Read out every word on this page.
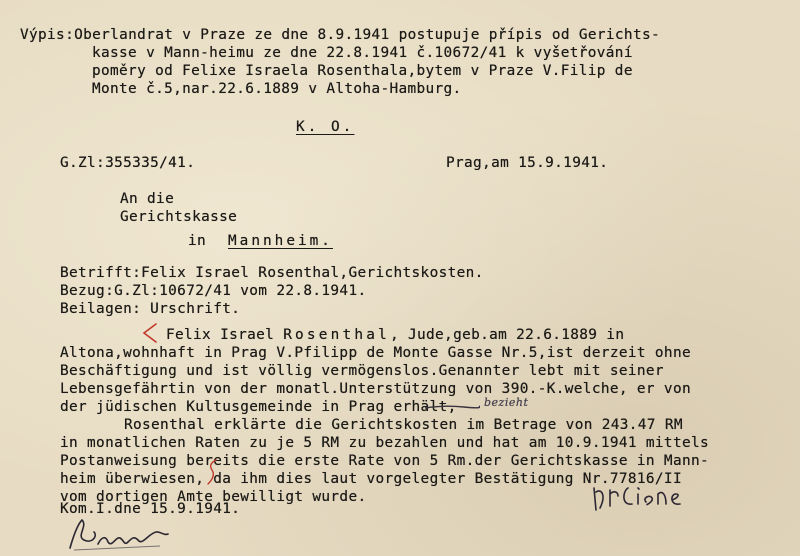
Výpis:Oberlandrat v Praze ze dne 8.9.1941 postupuje přípis od Gerichts-
kasse v Mann-heimu ze dne 22.8.1941 č.10672/41 k vyšetřování
poměry od Felixe Israela Rosenthala,bytem v Praze V.Filip de
Monte č.5,nar.22.6.1889 v Altoha-Hamburg.
K. O.
G.Zl:355335/41.	Prag,am 15.9.1941.
An die
Gerichtskasse
in Mannheim.
Betrifft:Felix Israel Rosenthal,Gerichtskosten.
Bezug:G.Zl:10672/41 vom 22.8.1941.
Beilagen: Urschrift.
Felix Israel Rosenthal, Jude,geb.am 22.6.1889 in
Altona,wohnhaft in Prag V.Pfilipp de Monte Gasse Nr.5,ist derzeit ohne
Beschäftigung und ist völlig vermögenslos.Genannter lebt mit seiner
Lebensgefährtin von der monatl.Unterstützung von 390.-K.welche, er von
der jüdischen Kultusgemeinde in Prag erhält, bezieht
Rosenthal erklärte die Gerichtskosten im Betrage von 243.47 RM
in monatlichen Raten zu je 5 RM zu bezahlen und hat am 10.9.1941 mittels
Postanweisung bereits die erste Rate von 5 Rm.der Gerichtskasse in Mann-
heim überwiesen, da ihm dies laut vorgelegter Bestätigung Nr.77816/II
vom dortigen Amte bewilligt wurde.
Kom.I.dne 15.9.1941.
